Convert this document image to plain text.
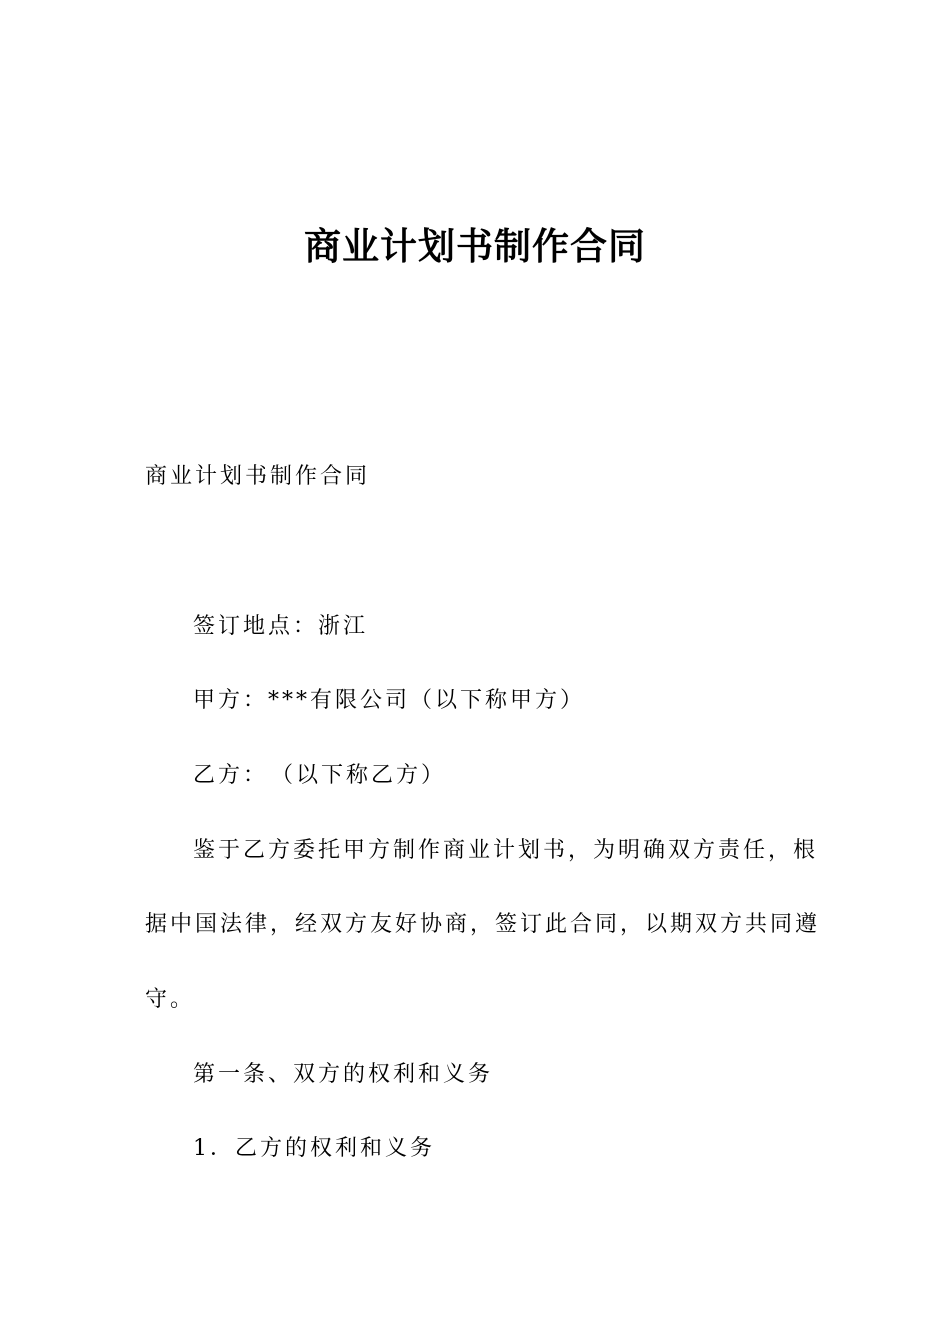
商业计划书制作合同
商业计划书制作合同
签订地点：浙江
甲方：***有限公司（以下称甲方）
乙方：　（以下称乙方）
鉴于乙方委托甲方制作商业计划书，为明确双方责任，根
据中国法律，经双方友好协商，签订此合同，以期双方共同遵
守。
第一条、双方的权利和义务
1．乙方的权利和义务
